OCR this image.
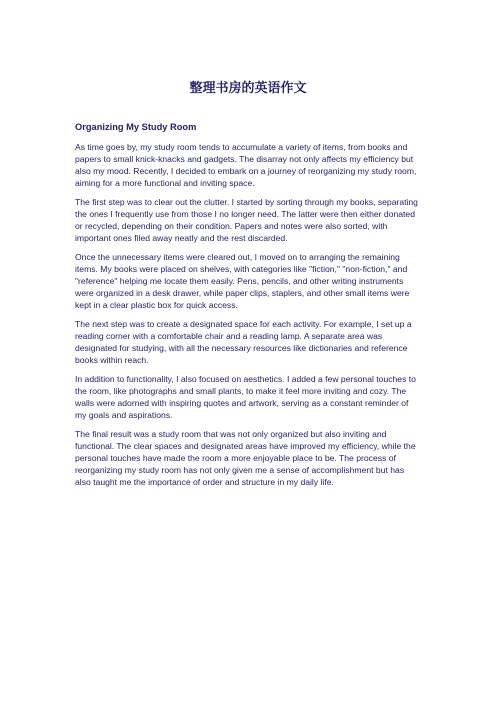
整理书房的英语作文

Organizing My Study Room

As time goes by, my study room tends to accumulate a variety of items, from books and papers to small knick-knacks and gadgets. The disarray not only affects my efficiency but also my mood. Recently, I decided to embark on a journey of reorganizing my study room, aiming for a more functional and inviting space.

The first step was to clear out the clutter. I started by sorting through my books, separating the ones I frequently use from those I no longer need. The latter were then either donated or recycled, depending on their condition. Papers and notes were also sorted, with important ones filed away neatly and the rest discarded.

Once the unnecessary items were cleared out, I moved on to arranging the remaining items. My books were placed on shelves, with categories like "fiction," "non-fiction," and "reference" helping me locate them easily. Pens, pencils, and other writing instruments were organized in a desk drawer, while paper clips, staplers, and other small items were kept in a clear plastic box for quick access.

The next step was to create a designated space for each activity. For example, I set up a reading corner with a comfortable chair and a reading lamp. A separate area was designated for studying, with all the necessary resources like dictionaries and reference books within reach.

In addition to functionality, I also focused on aesthetics. I added a few personal touches to the room, like photographs and small plants, to make it feel more inviting and cozy. The walls were adorned with inspiring quotes and artwork, serving as a constant reminder of my goals and aspirations.

The final result was a study room that was not only organized but also inviting and functional. The clear spaces and designated areas have improved my efficiency, while the personal touches have made the room a more enjoyable place to be. The process of reorganizing my study room has not only given me a sense of accomplishment but has also taught me the importance of order and structure in my daily life.
